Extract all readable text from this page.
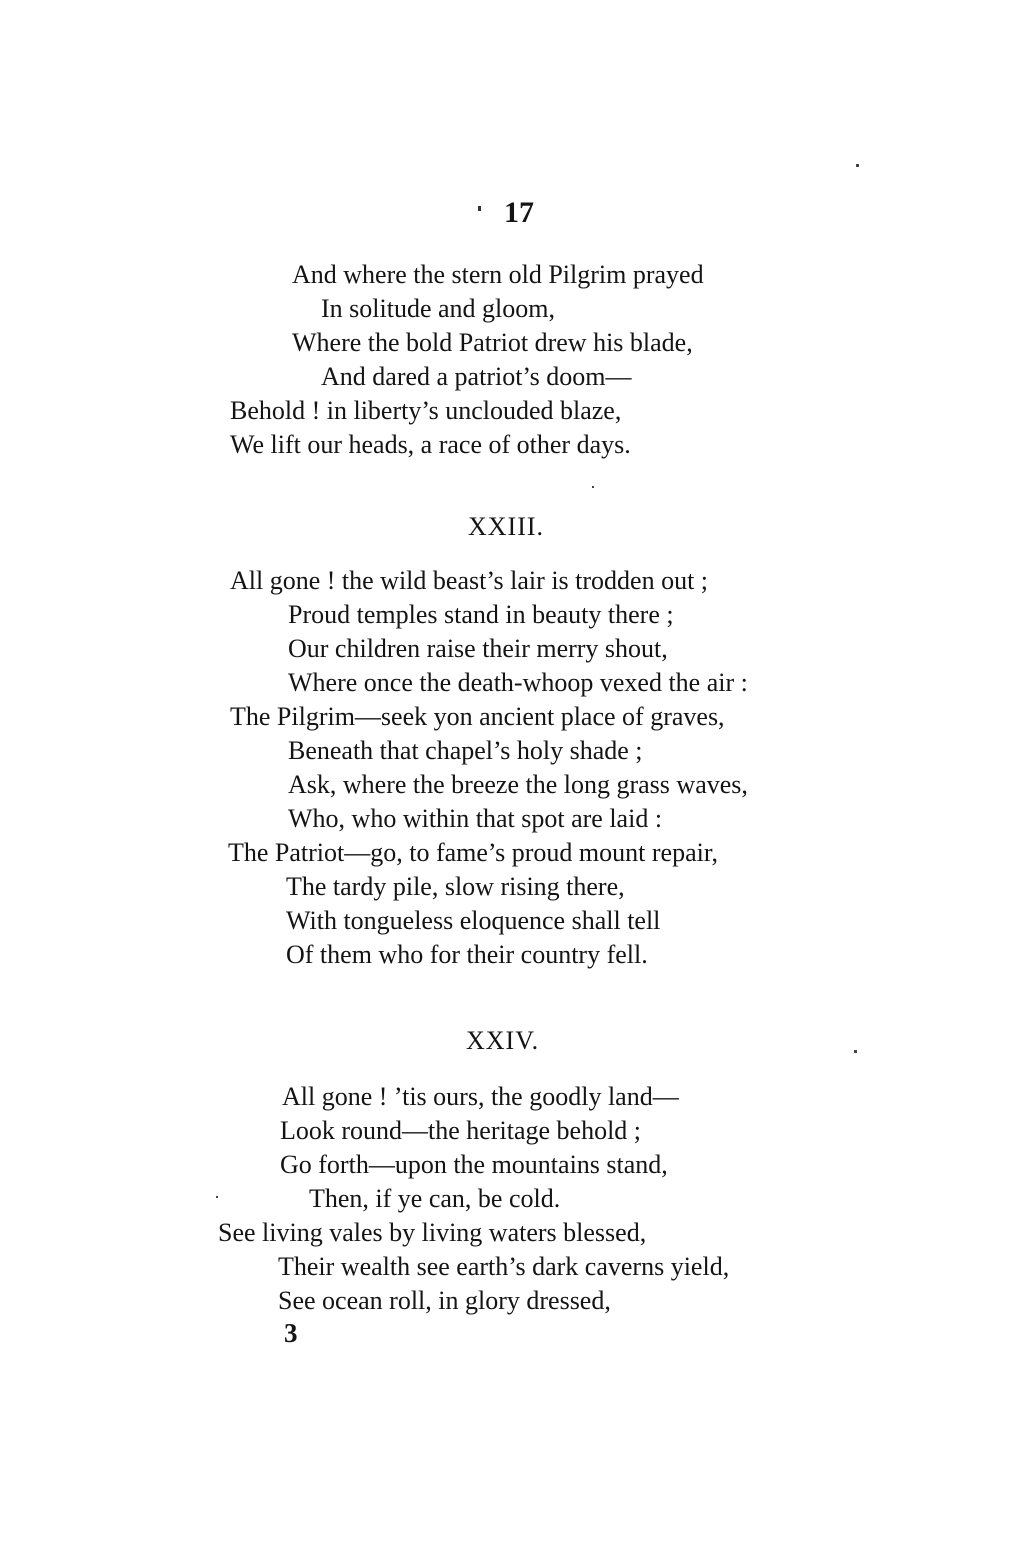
17
And where the stern old Pilgrim prayed
In solitude and gloom,
Where the bold Patriot drew his blade,
And dared a patriot’s doom—
Behold ! in liberty’s unclouded blaze,
We lift our heads, a race of other days.
XXIII.
All gone ! the wild beast’s lair is trodden out ;
Proud temples stand in beauty there ;
Our children raise their merry shout,
Where once the death-whoop vexed the air :
The Pilgrim—seek yon ancient place of graves,
Beneath that chapel’s holy shade ;
Ask, where the breeze the long grass waves,
Who, who within that spot are laid :
The Patriot—go, to fame’s proud mount repair,
The tardy pile, slow rising there,
With tongueless eloquence shall tell
Of them who for their country fell.
XXIV.
All gone ! ’tis ours, the goodly land—
Look round—the heritage behold ;
Go forth—upon the mountains stand,
Then, if ye can, be cold.
See living vales by living waters blessed,
Their wealth see earth’s dark caverns yield,
See ocean roll, in glory dressed,
3
